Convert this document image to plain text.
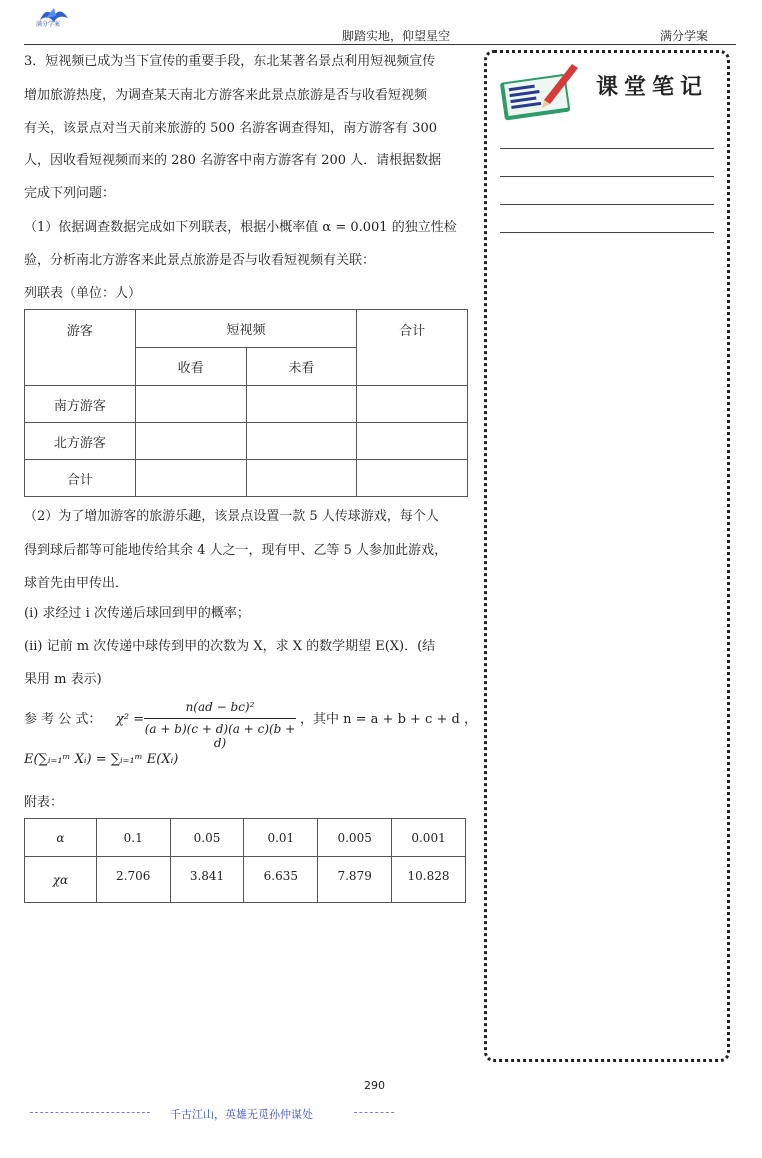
满分学案
脚踏实地，仰望星空	满分学案
3．短视频已成为当下宣传的重要手段，东北某著名景点利用短视频宣传
增加旅游热度，为调查某天南北方游客来此景点旅游是否与收看短视频
有关，该景点对当天前来旅游的 500 名游客调查得知，南方游客有 300
人，因收看短视频而来的 280 名游客中南方游客有 200 人．请根据数据
完成下列问题：
（1）依据调查数据完成如下列联表，根据小概率值 α = 0.001 的独立性检
验，分析南北方游客来此景点旅游是否与收看短视频有关联：
列联表（单位：人）
游客	短视频		合计
	收看	未看	
南方游客			
北方游客			
合计			
（2）为了增加游客的旅游乐趣，该景点设置一款 5 人传球游戏，每个人
得到球后都等可能地传给其余 4 人之一，现有甲、乙等 5 人参加此游戏，
球首先由甲传出．
(i) 求经过 i 次传递后球回到甲的概率；
(ii) 记前 m 次传递中球传到甲的次数为 X，求 X 的数学期望 E(X)．(结
果用 m 表示)
参 考 公 式： χ² =
n(ad − bc)²
(a + b)(c + d)(a + c)(b + d)
，其中 n = a + b + c + d ，
E(∑ᵢ₌₁ᵐ Xᵢ) = ∑ᵢ₌₁ᵐ E(Xᵢ)
附表：
α	0.1	0.05	0.01	0.005	0.001
χα	2.706	3.841	6.635	7.879	10.828
课堂笔记
290
千古江山，英雄无觅孙仲谋处
